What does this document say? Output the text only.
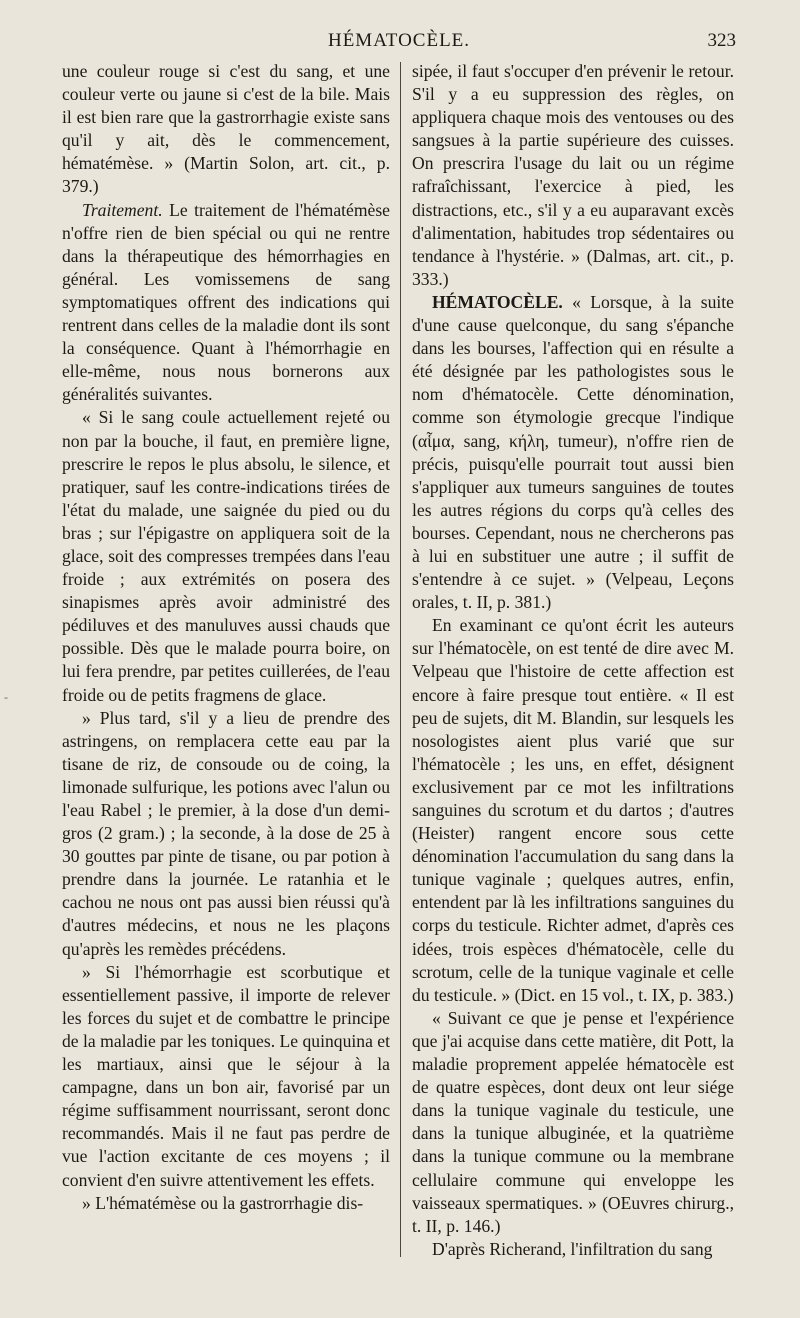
HÉMATOCÈLE.	323
-

une couleur rouge si c'est du sang, et une couleur verte ou jaune si c'est de la bile. Mais il est bien rare que la gastrorrhagie existe sans qu'il y ait, dès le commencement, hématémèse. » (Martin Solon, art. cit., p. 379.)

Traitement. Le traitement de l'hématémèse n'offre rien de bien spécial ou qui ne rentre dans la thérapeutique des hémorrhagies en général. Les vomissemens de sang symptomatiques offrent des indications qui rentrent dans celles de la maladie dont ils sont la conséquence. Quant à l'hémorrhagie en elle-même, nous nous bornerons aux généralités suivantes.

« Si le sang coule actuellement rejeté ou non par la bouche, il faut, en première ligne, prescrire le repos le plus absolu, le silence, et pratiquer, sauf les contre-indications tirées de l'état du malade, une saignée du pied ou du bras ; sur l'épigastre on appliquera soit de la glace, soit des compresses trempées dans l'eau froide ; aux extrémités on posera des sinapismes après avoir administré des pédiluves et des manuluves aussi chauds que possible. Dès que le malade pourra boire, on lui fera prendre, par petites cuillerées, de l'eau froide ou de petits fragmens de glace.

» Plus tard, s'il y a lieu de prendre des astringens, on remplacera cette eau par la tisane de riz, de consoude ou de coing, la limonade sulfurique, les potions avec l'alun ou l'eau Rabel ; le premier, à la dose d'un demi-gros (2 gram.) ; la seconde, à la dose de 25 à 30 gouttes par pinte de tisane, ou par potion à prendre dans la journée. Le ratanhia et le cachou ne nous ont pas aussi bien réussi qu'à d'autres médecins, et nous ne les plaçons qu'après les remèdes précédens.

» Si l'hémorrhagie est scorbutique et essentiellement passive, il importe de relever les forces du sujet et de combattre le principe de la maladie par les toniques. Le quinquina et les martiaux, ainsi que le séjour à la campagne, dans un bon air, favorisé par un régime suffisamment nourrissant, seront donc recommandés. Mais il ne faut pas perdre de vue l'action excitante de ces moyens ; il convient d'en suivre attentivement les effets.

» L'hématémèse ou la gastrorrhagie dis-

sipée, il faut s'occuper d'en prévenir le retour. S'il y a eu suppression des règles, on appliquera chaque mois des ventouses ou des sangsues à la partie supérieure des cuisses. On prescrira l'usage du lait ou un régime rafraîchissant, l'exercice à pied, les distractions, etc., s'il y a eu auparavant excès d'alimentation, habitudes trop sédentaires ou tendance à l'hystérie. » (Dalmas, art. cit., p. 333.)

HÉMATOCÈLE. « Lorsque, à la suite d'une cause quelconque, du sang s'épanche dans les bourses, l'affection qui en résulte a été désignée par les pathologistes sous le nom d'hématocèle. Cette dénomination, comme son étymologie grecque l'indique (αἷμα, sang, κήλη, tumeur), n'offre rien de précis, puisqu'elle pourrait tout aussi bien s'appliquer aux tumeurs sanguines de toutes les autres régions du corps qu'à celles des bourses. Cependant, nous ne chercherons pas à lui en substituer une autre ; il suffit de s'entendre à ce sujet. » (Velpeau, Leçons orales, t. II, p. 381.)

En examinant ce qu'ont écrit les auteurs sur l'hématocèle, on est tenté de dire avec M. Velpeau que l'histoire de cette affection est encore à faire presque tout entière. « Il est peu de sujets, dit M. Blandin, sur lesquels les nosologistes aient plus varié que sur l'hématocèle ; les uns, en effet, désignent exclusivement par ce mot les infiltrations sanguines du scrotum et du dartos ; d'autres (Heister) rangent encore sous cette dénomination l'accumulation du sang dans la tunique vaginale ; quelques autres, enfin, entendent par là les infiltrations sanguines du corps du testicule. Richter admet, d'après ces idées, trois espèces d'hématocèle, celle du scrotum, celle de la tunique vaginale et celle du testicule. » (Dict. en 15 vol., t. IX, p. 383.)

« Suivant ce que je pense et l'expérience que j'ai acquise dans cette matière, dit Pott, la maladie proprement appelée hématocèle est de quatre espèces, dont deux ont leur siége dans la tunique vaginale du testicule, une dans la tunique albuginée, et la quatrième dans la tunique commune ou la membrane cellulaire commune qui enveloppe les vaisseaux spermatiques. » (OEuvres chirurg., t. II, p. 146.)

D'après Richerand, l'infiltration du sang
